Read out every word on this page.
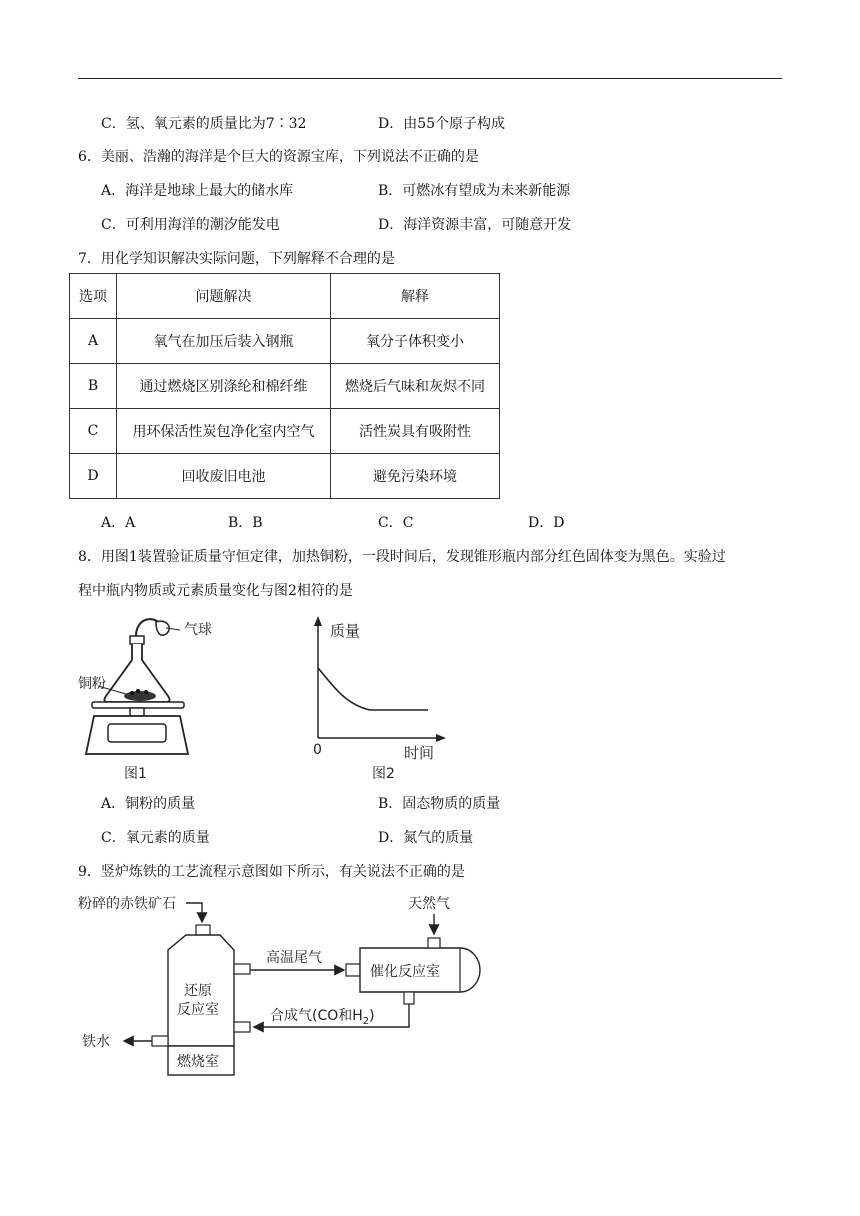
C．氢、氧元素的质量比为7∶32	D．由55个原子构成
6．美丽、浩瀚的海洋是个巨大的资源宝库，下列说法不正确的是
A．海洋是地球上最大的储水库	B．可燃冰有望成为未来新能源
C．可利用海洋的潮汐能发电	D．海洋资源丰富，可随意开发
7．用化学知识解决实际问题，下列解释不合理的是
选项	问题解决	解释
A	氧气在加压后装入钢瓶	氧分子体积变小
B	通过燃烧区别涤纶和棉纤维	燃烧后气味和灰烬不同
C	用环保活性炭包净化室内空气	活性炭具有吸附性
D	回收废旧电池	避免污染环境
A．A	B．B	C．C	D．D
8．用图1装置验证质量守恒定律，加热铜粉，一段时间后，发现锥形瓶内部分红色固体变为黑色。实验过
程中瓶内物质或元素质量变化与图2相符的是
气球
铜粉
图1
质量
时间
0
图2
A．铜粉的质量	B．固态物质的质量
C．氧元素的质量	D．氮气的质量
9．竖炉炼铁的工艺流程示意图如下所示，有关说法不正确的是
粉碎的赤铁矿石
还原
反应室
燃烧室
铁水
高温尾气
催化反应室
天然气
合成气(CO和$H_2$)
